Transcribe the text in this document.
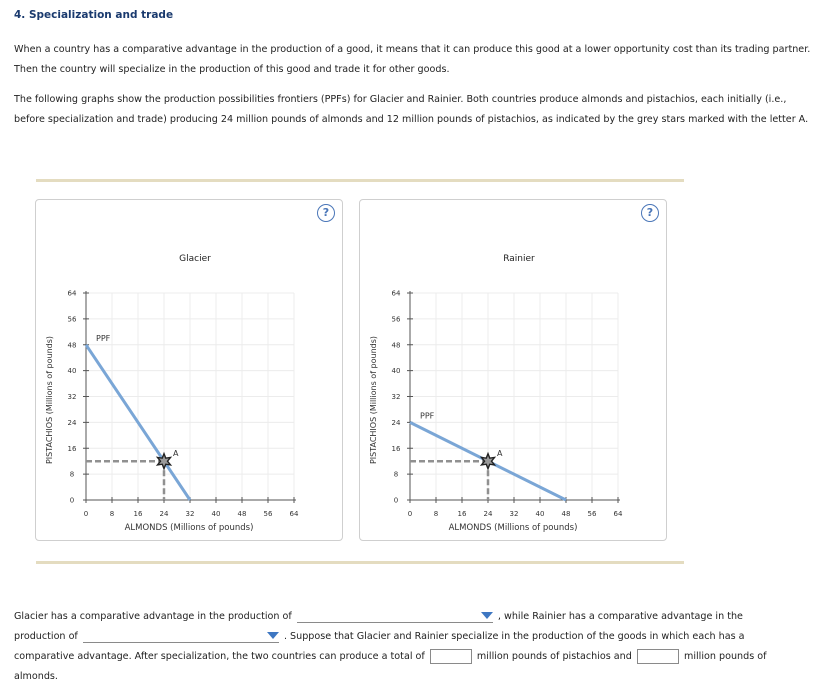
4. Specialization and trade
When a country has a comparative advantage in the production of a good, it means that it can produce this good at a lower opportunity cost than its trading partner. Then the country will specialize in the production of this good and trade it for other goods.
The following graphs show the production possibilities frontiers (PPFs) for Glacier and Rainier. Both countries produce almonds and pistachios, each initially (i.e., before specialization and trade) producing 24 million pounds of almonds and 12 million pounds of pistachios, as indicated by the grey stars marked with the letter A.
?
0	8	16 24 32 40 48 56 64
0
8
16
24
32
40
48
56
64
Glacier
ALMONDS (Millions of pounds)
PISTACHIOS (Millions of pounds)	PPF
A
?
0	8	16 24 32 40 48 56 64
0
8
16
24
32
40
48
56
64
Rainier
ALMONDS (Millions of pounds)
PISTACHIOS (Millions of pounds)	PPF
A
Glacier has a comparative advantage in the production of	, while Rainier has a comparative advantage in the production of	. Suppose that Glacier and Rainier specialize in the production of the goods in which each has a comparative advantage. After specialization, the two countries can produce a total of	million pounds of pistachios and	million pounds of almonds.
